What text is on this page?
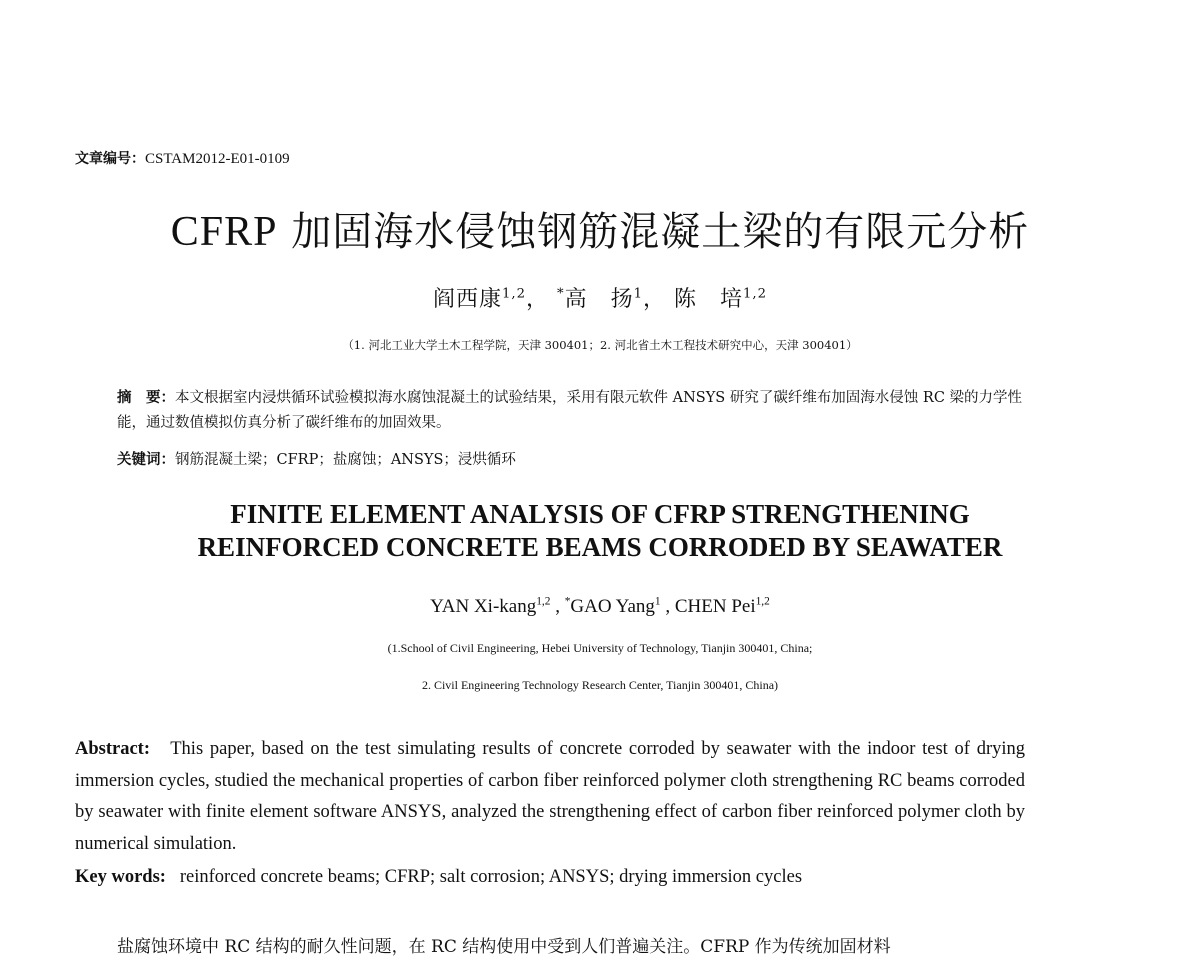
文章编号：CSTAM2012-E01-0109

CFRP 加固海水侵蚀钢筋混凝土梁的有限元分析

阎西康$^{1,2}$， *高　扬$^1$， 陈　培$^{1,2}$

（1. 河北工业大学土木工程学院，天津 300401；2. 河北省土木工程技术研究中心，天津 300401）

摘　要：本文根据室内浸烘循环试验模拟海水腐蚀混凝土的试验结果，采用有限元软件 ANSYS 研究了碳纤维布加固海水侵蚀 RC 梁的力学性能，通过数值模拟仿真分析了碳纤维布的加固效果。

关键词：钢筋混凝土梁；CFRP；盐腐蚀；ANSYS；浸烘循环

FINITE ELEMENT ANALYSIS OF CFRP STRENGTHENING
REINFORCED CONCRETE BEAMS CORRODED BY SEAWATER

YAN Xi-kang$^{1,2}$ , *GAO Yang$^1$ , CHEN Pei$^{1,2}$

(1.School of Civil Engineering, Hebei University of Technology, Tianjin 300401, China;

2. Civil Engineering Technology Research Center, Tianjin 300401, China)

Abstract: This paper, based on the test simulating results of concrete corroded by seawater with the indoor test of drying immersion cycles, studied the mechanical properties of carbon fiber reinforced polymer cloth strengthening RC beams corroded by seawater with finite element software ANSYS, analyzed the strengthening effect of carbon fiber reinforced polymer cloth by numerical simulation.

Key words: reinforced concrete beams; CFRP; salt corrosion; ANSYS; drying immersion cycles

盐腐蚀环境中 RC 结构的耐久性问题，在 RC 结构使用中受到人们普遍关注。CFRP 作为传统加固材料
